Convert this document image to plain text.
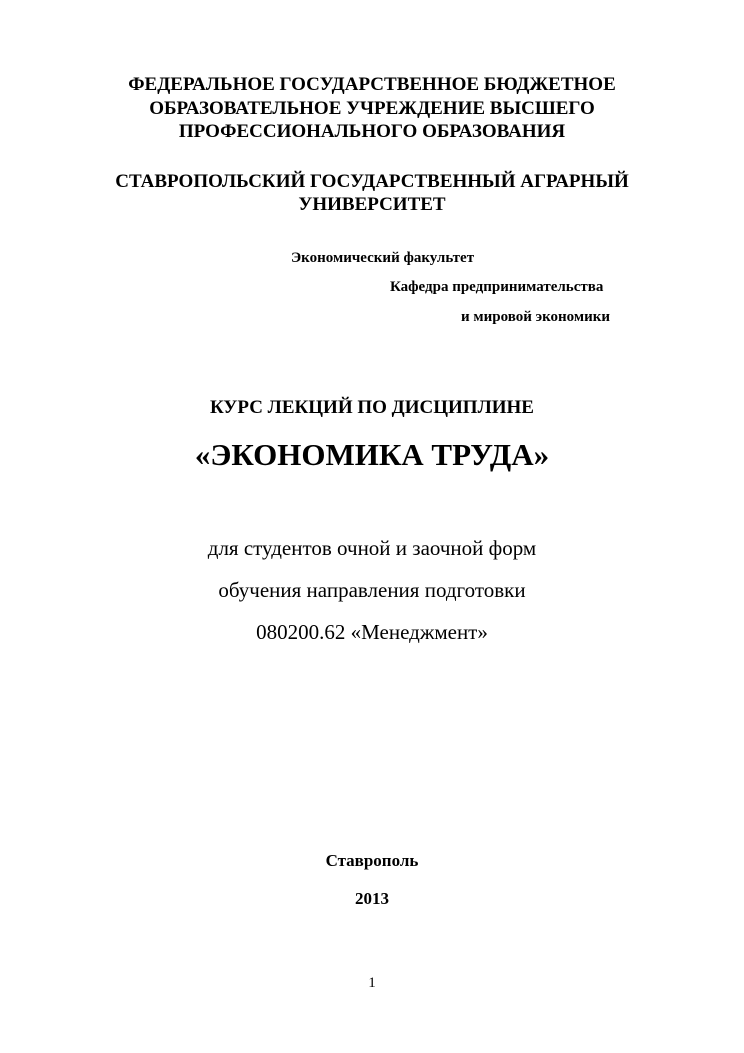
ФЕДЕРАЛЬНОЕ ГОСУДАРСТВЕННОЕ БЮДЖЕТНОЕ
ОБРАЗОВАТЕЛЬНОЕ УЧРЕЖДЕНИЕ ВЫСШЕГО
ПРОФЕССИОНАЛЬНОГО ОБРАЗОВАНИЯ
СТАВРОПОЛЬСКИЙ ГОСУДАРСТВЕННЫЙ АГРАРНЫЙ
УНИВЕРСИТЕТ
Экономический факультет
Кафедра предпринимательства
и мировой экономики
КУРС ЛЕКЦИЙ ПО ДИСЦИПЛИНЕ
«ЭКОНОМИКА ТРУДА»
для студентов очной и заочной форм
обучения направления подготовки
080200.62 «Менеджмент»
Ставрополь
2013
1
